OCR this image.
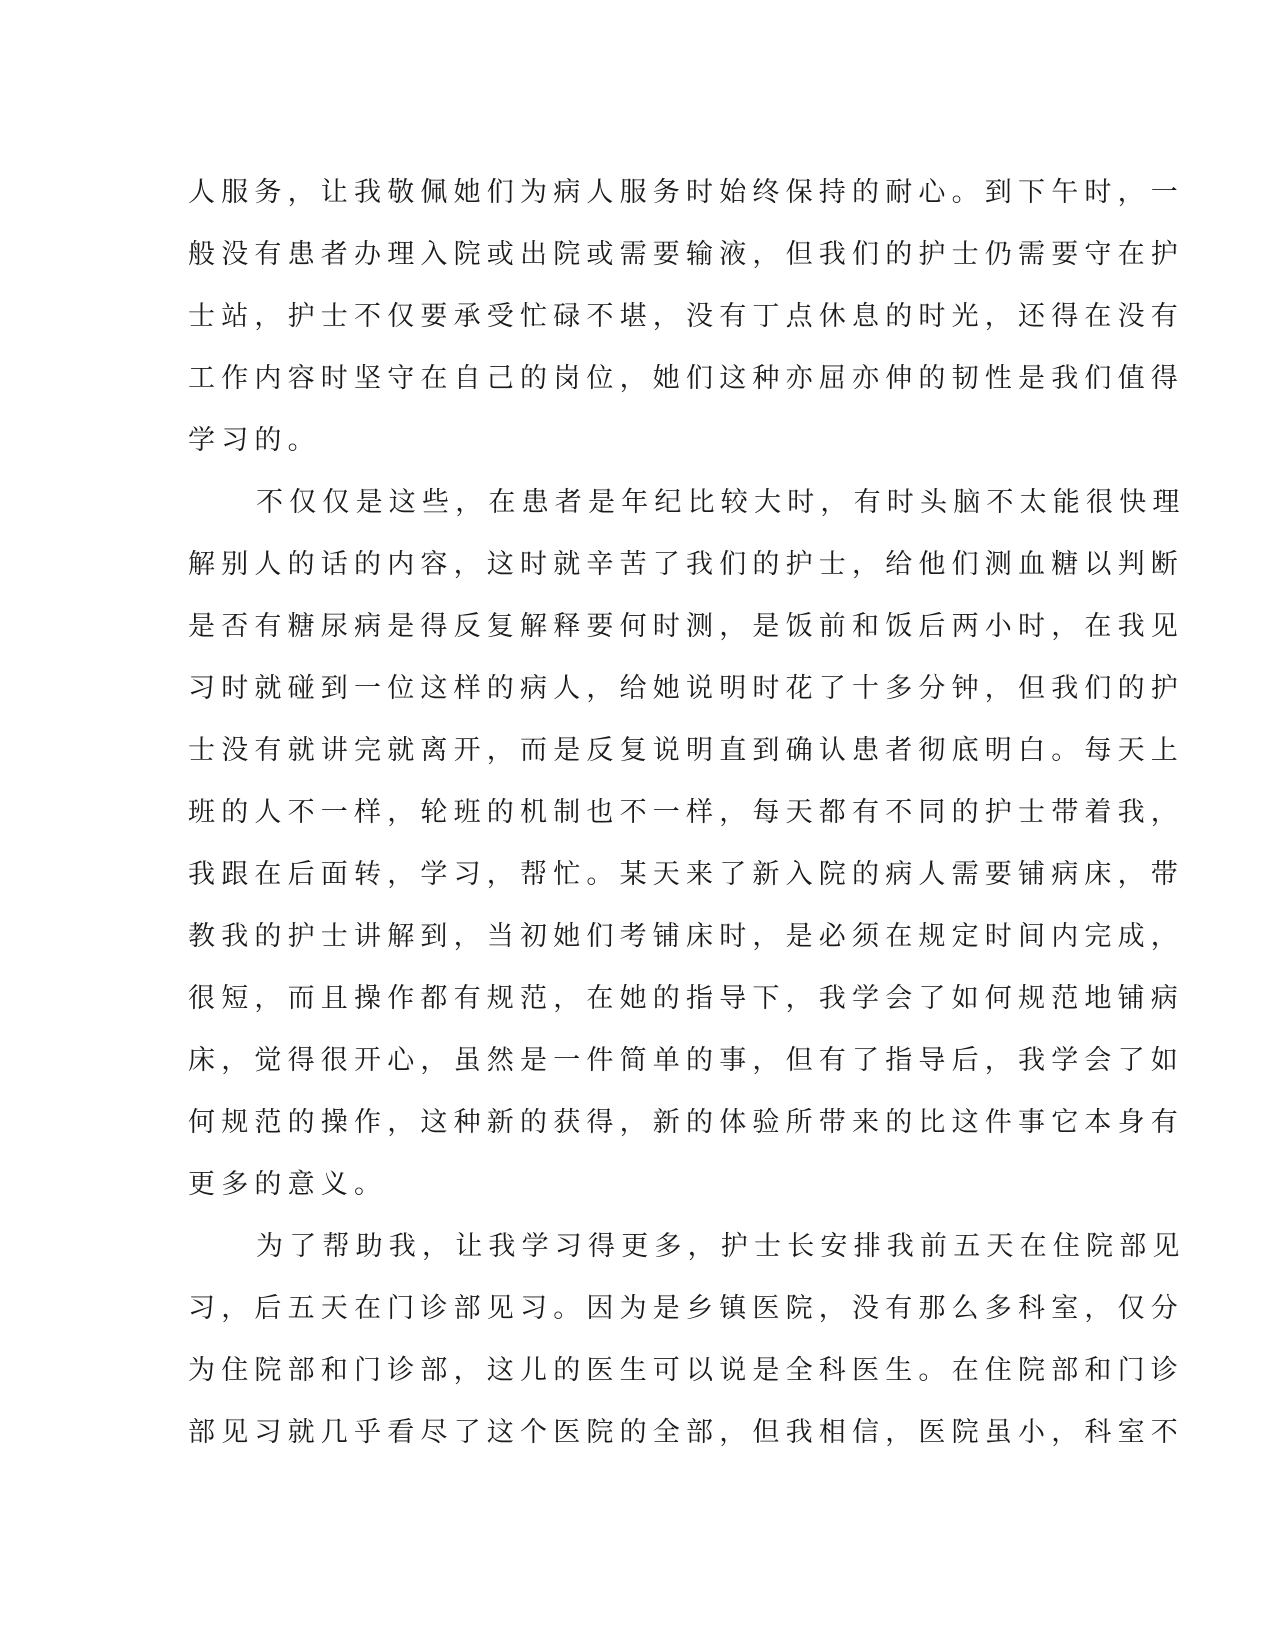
人服务，让我敬佩她们为病人服务时始终保持的耐心。到下午时，一
般没有患者办理入院或出院或需要输液，但我们的护士仍需要守在护
士站，护士不仅要承受忙碌不堪，没有丁点休息的时光，还得在没有
工作内容时坚守在自己的岗位，她们这种亦屈亦伸的韧性是我们值得
学习的。
不仅仅是这些，在患者是年纪比较大时，有时头脑不太能很快理
解别人的话的内容，这时就辛苦了我们的护士，给他们测血糖以判断
是否有糖尿病是得反复解释要何时测，是饭前和饭后两小时，在我见
习时就碰到一位这样的病人，给她说明时花了十多分钟，但我们的护
士没有就讲完就离开，而是反复说明直到确认患者彻底明白。每天上
班的人不一样，轮班的机制也不一样，每天都有不同的护士带着我，
我跟在后面转，学习，帮忙。某天来了新入院的病人需要铺病床，带
教我的护士讲解到，当初她们考铺床时，是必须在规定时间内完成，
很短，而且操作都有规范，在她的指导下，我学会了如何规范地铺病
床，觉得很开心，虽然是一件简单的事，但有了指导后，我学会了如
何规范的操作，这种新的获得，新的体验所带来的比这件事它本身有
更多的意义。
为了帮助我，让我学习得更多，护士长安排我前五天在住院部见
习，后五天在门诊部见习。因为是乡镇医院，没有那么多科室，仅分
为住院部和门诊部，这儿的医生可以说是全科医生。在住院部和门诊
部见习就几乎看尽了这个医院的全部，但我相信，医院虽小，科室不
